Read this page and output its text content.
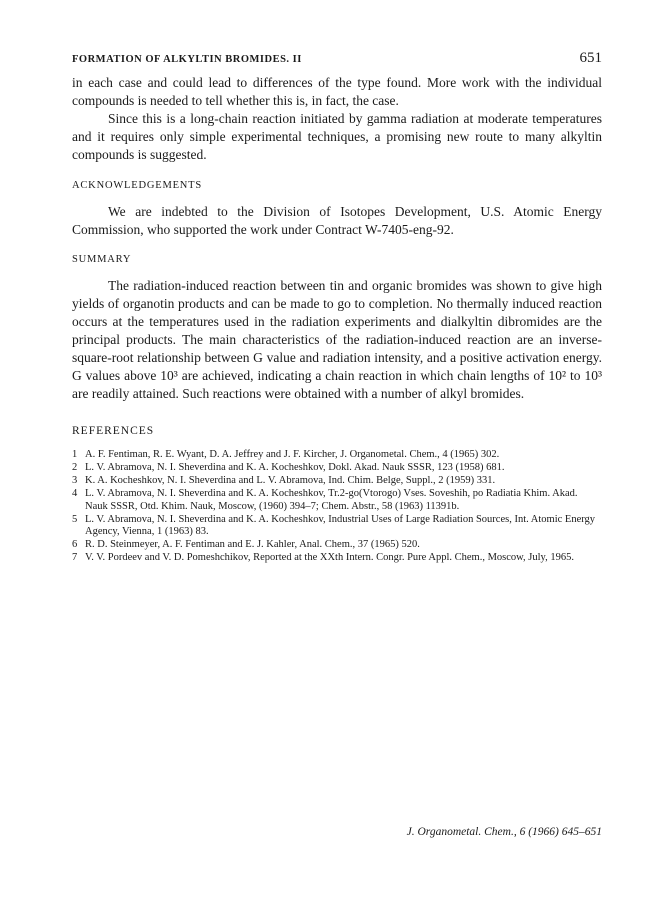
FORMATION OF ALKYLTIN BROMIDES. II	651

in each case and could lead to differences of the type found. More work with the individual compounds is needed to tell whether this is, in fact, the case.

Since this is a long-chain reaction initiated by gamma radiation at moderate temperatures and it requires only simple experimental techniques, a promising new route to many alkyltin compounds is suggested.

ACKNOWLEDGEMENTS

We are indebted to the Division of Isotopes Development, U.S. Atomic Energy Commission, who supported the work under Contract W-7405-eng-92.

SUMMARY

The radiation-induced reaction between tin and organic bromides was shown to give high yields of organotin products and can be made to go to completion. No thermally induced reaction occurs at the temperatures used in the radiation experiments and dialkyltin dibromides are the principal products. The main characteristics of the radiation-induced reaction are an inverse-square-root relationship between G value and radiation intensity, and a positive activation energy. G values above 10³ are achieved, indicating a chain reaction in which chain lengths of 10² to 10³ are readily attained. Such reactions were obtained with a number of alkyl bromides.

REFERENCES
1 A. F. Fentiman, R. E. Wyant, D. A. Jeffrey and J. F. Kircher, J. Organometal. Chem., 4 (1965) 302.
2 L. V. Abramova, N. I. Sheverdina and K. A. Kocheshkov, Dokl. Akad. Nauk SSSR, 123 (1958) 681.
3 K. A. Kocheshkov, N. I. Sheverdina and L. V. Abramova, Ind. Chim. Belge, Suppl., 2 (1959) 331.
4 L. V. Abramova, N. I. Sheverdina and K. A. Kocheshkov, Tr.2-go(Vtorogo) Vses. Soveshih, po Radiatia Khim. Akad. Nauk SSSR, Otd. Khim. Nauk, Moscow, (1960) 394–7; Chem. Abstr., 58 (1963) 11391b.
5 L. V. Abramova, N. I. Sheverdina and K. A. Kocheshkov, Industrial Uses of Large Radiation Sources, Int. Atomic Energy Agency, Vienna, 1 (1963) 83.
6 R. D. Steinmeyer, A. F. Fentiman and E. J. Kahler, Anal. Chem., 37 (1965) 520.
7 V. V. Pordeev and V. D. Pomeshchikov, Reported at the XXth Intern. Congr. Pure Appl. Chem., Moscow, July, 1965.
J. Organometal. Chem., 6 (1966) 645–651
